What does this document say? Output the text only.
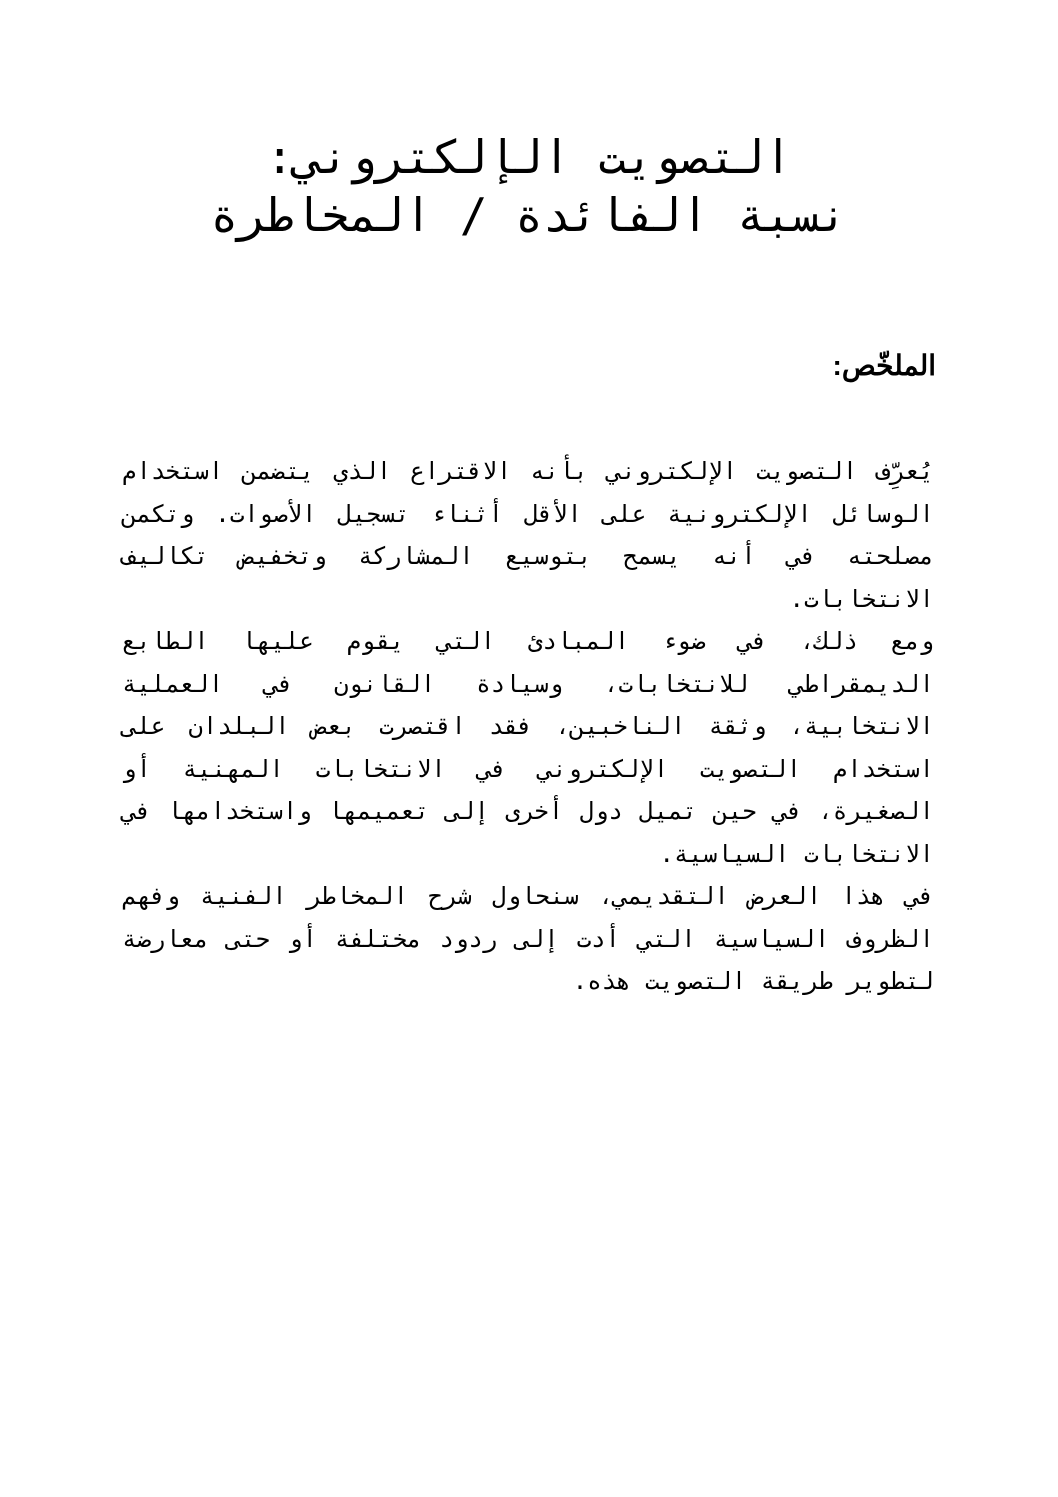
التصويت الإلكتروني:
نسبة الفائدة / المخاطرة
الملخّص:

يُعرِّف التصويت الإلكتروني بأنه الاقتراع الذي يتضمن استخدام الوسائل الإلكترونية على الأقل أثناء تسجيل الأصوات. وتكمن مصلحته في أنه يسمح بتوسيع المشاركة وتخفيض تكاليف الانتخابات.

ومع ذلك، في ضوء المبادئ التي يقوم عليها الطابع الديمقراطي للانتخابات، وسيادة القانون في العملية الانتخابية، وثقة الناخبين، فقد اقتصرت بعض البلدان على استخدام التصويت الإلكتروني في الانتخابات المهنية أو الصغيرة، في حين تميل دول أخرى إلى تعميمها واستخدامها في الانتخابات السياسية.

في هذا العرض التقديمي، سنحاول شرح المخاطر الفنية وفهم الظروف السياسية التي أدت إلى ردود مختلفة أو حتى معارضة لتطوير طريقة التصويت هذه.
